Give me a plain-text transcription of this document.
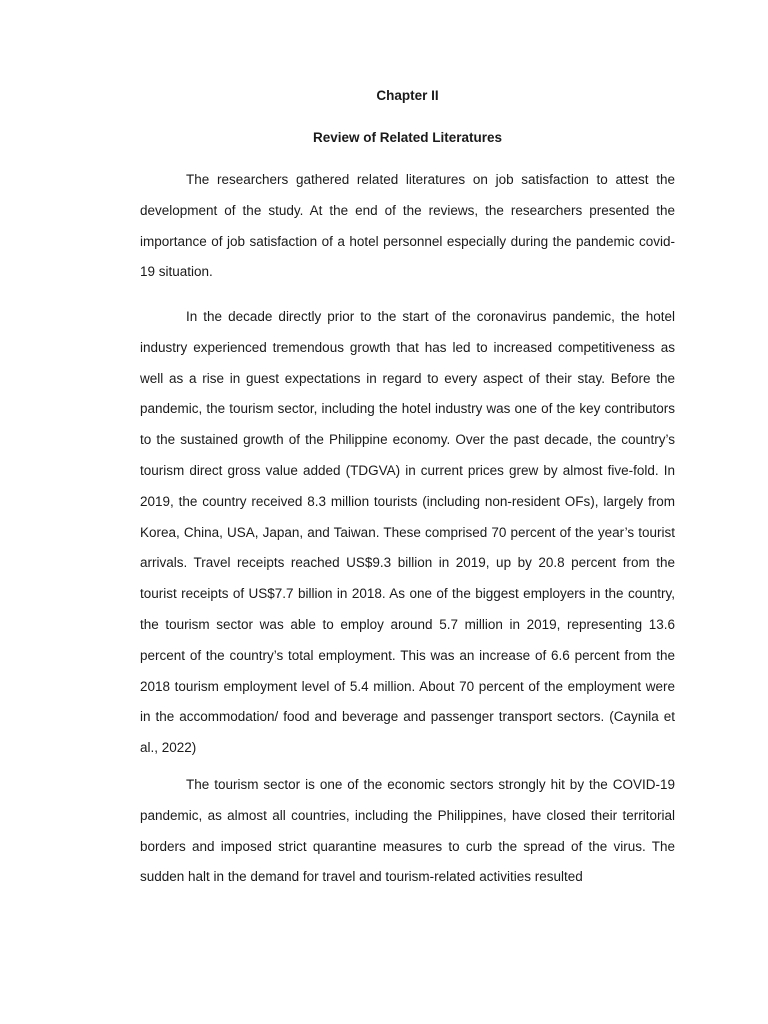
Chapter II
Review of Related Literatures

The researchers gathered related literatures on job satisfaction to attest the development of the study. At the end of the reviews, the researchers presented the importance of job satisfaction of a hotel personnel especially during the pandemic covid-19 situation.

In the decade directly prior to the start of the coronavirus pandemic, the hotel industry experienced tremendous growth that has led to increased competitiveness as well as a rise in guest expectations in regard to every aspect of their stay. Before the pandemic, the tourism sector, including the hotel industry was one of the key contributors to the sustained growth of the Philippine economy. Over the past decade, the country’s tourism direct gross value added (TDGVA) in current prices grew by almost five-fold. In 2019, the country received 8.3 million tourists (including non-resident OFs), largely from Korea, China, USA, Japan, and Taiwan. These comprised 70 percent of the year’s tourist arrivals. Travel receipts reached US$9.3 billion in 2019, up by 20.8 percent from the tourist receipts of US$7.7 billion in 2018. As one of the biggest employers in the country, the tourism sector was able to employ around 5.7 million in 2019, representing 13.6 percent of the country’s total employment. This was an increase of 6.6 percent from the 2018 tourism employment level of 5.4 million. About 70 percent of the employment were in the accommodation/ food and beverage and passenger transport sectors. (Caynila et al., 2022)

The tourism sector is one of the economic sectors strongly hit by the COVID-19 pandemic, as almost all countries, including the Philippines, have closed their territorial borders and imposed strict quarantine measures to curb the spread of the virus. The sudden halt in the demand for travel and tourism-related activities resulted
